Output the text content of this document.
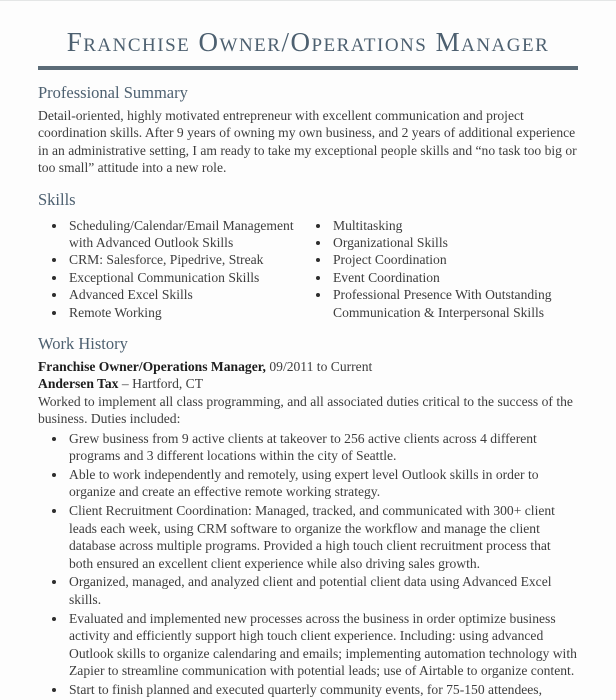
Franchise Owner/Operations Manager
Professional Summary

Detail-oriented, highly motivated entrepreneur with excellent communication and project coordination skills. After 9 years of owning my own business, and 2 years of additional experience in an administrative setting, I am ready to take my exceptional people skills and “no task too big or too small” attitude into a new role.

Skills
• Scheduling/Calendar/Email Management with Advanced Outlook Skills
• CRM: Salesforce, Pipedrive, Streak
• Exceptional Communication Skills
• Advanced Excel Skills
• Remote Working
• Multitasking
• Organizational Skills
• Project Coordination
• Event Coordination
• Professional Presence With Outstanding Communication & Interpersonal Skills
Work History

Franchise Owner/Operations Manager, 09/2011 to Current

Andersen Tax – Hartford, CT

Worked to implement all class programming, and all associated duties critical to the success of the business. Duties included:

• Grew business from 9 active clients at takeover to 256 active clients across 4 different programs and 3 different locations within the city of Seattle.
• Able to work independently and remotely, using expert level Outlook skills in order to organize and create an effective remote working strategy.
• Client Recruitment Coordination: Managed, tracked, and communicated with 300+ client leads each week, using CRM software to organize the workflow and manage the client database across multiple programs. Provided a high touch client recruitment process that both ensured an excellent client experience while also driving sales growth.
• Organized, managed, and analyzed client and potential client data using Advanced Excel skills.
• Evaluated and implemented new processes across the business in order optimize business activity and efficiently support high touch client experience. Including: using advanced Outlook skills to organize calendaring and emails; implementing automation technology with Zapier to streamline communication with potential leads; use of Airtable to organize content.
• Start to finish planned and executed quarterly community events, for 75-150 attendees,
